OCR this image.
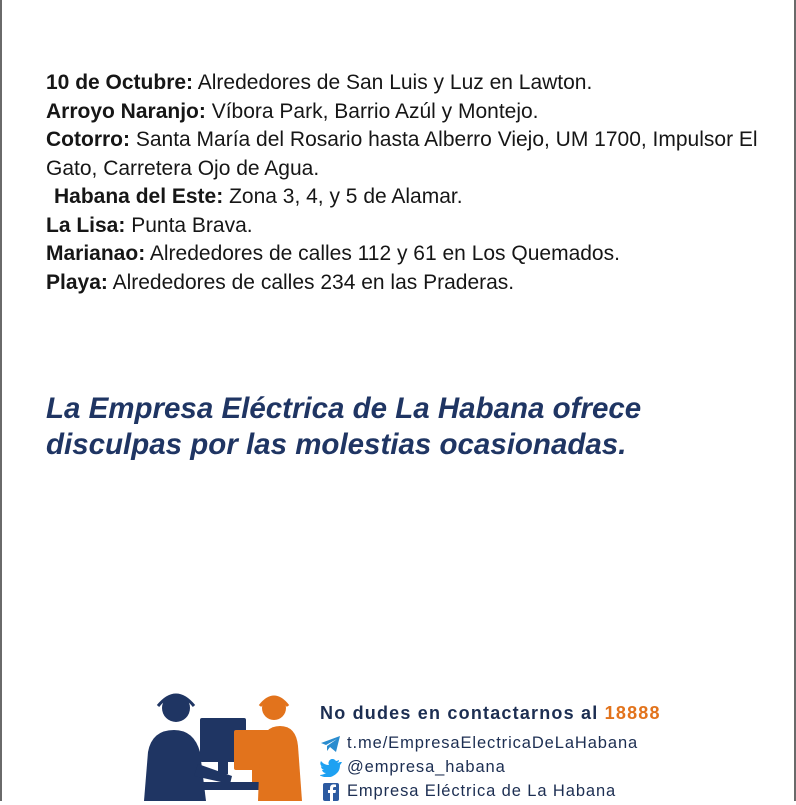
10 de Octubre: Alrededores de San Luis y Luz en Lawton.

Arroyo Naranjo: Víbora Park, Barrio Azúl y Montejo.

Cotorro: Santa María del Rosario hasta Alberro Viejo, UM 1700, Impulsor El Gato, Carretera Ojo de Agua.

Habana del Este: Zona 3, 4, y 5 de Alamar.

La Lisa: Punta Brava.

Marianao: Alrededores de calles 112 y 61 en Los Quemados.

Playa: Alrededores de calles 234 en las Praderas.

La Empresa Eléctrica de La Habana ofrece
disculpas por las molestias ocasionadas.

No dudes en contactarnos al 18888

t.me/EmpresaElectricaDeLaHabana
@empresa_habana
Empresa Eléctrica de La Habana
